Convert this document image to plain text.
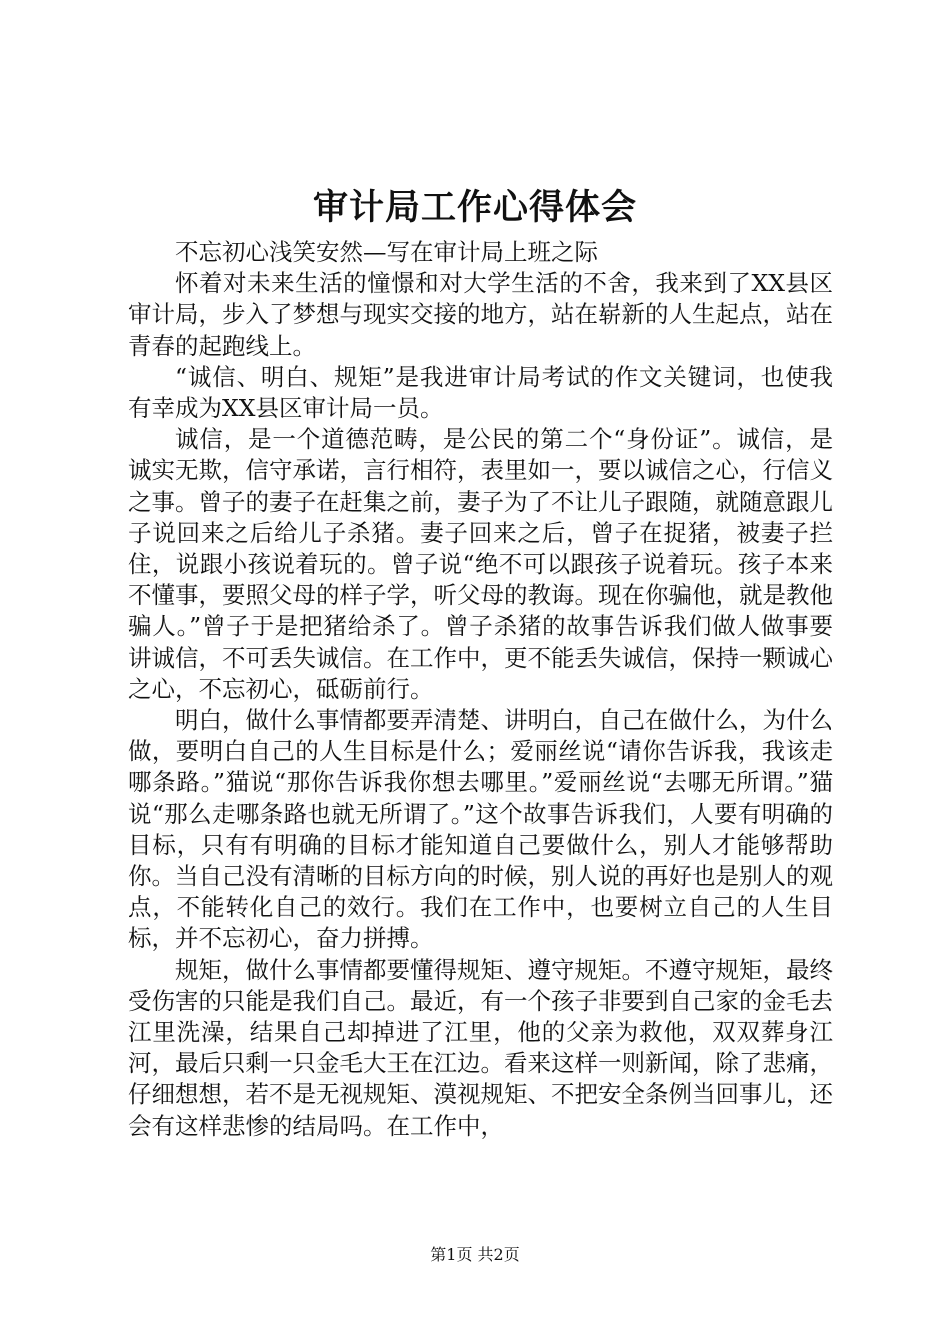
审计局工作心得体会

不忘初心浅笑安然—写在审计局上班之际

怀着对未来生活的憧憬和对大学生活的不舍，我来到了XX县区审计局，步入了梦想与现实交接的地方，站在崭新的人生起点，站在青春的起跑线上。

“诚信、明白、规矩”是我进审计局考试的作文关键词，也使我有幸成为XX县区审计局一员。

诚信，是一个道德范畴，是公民的第二个“身份证”。诚信，是诚实无欺，信守承诺，言行相符，表里如一，要以诚信之心，行信义之事。曾子的妻子在赶集之前，妻子为了不让儿子跟随，就随意跟儿子说回来之后给儿子杀猪。妻子回来之后，曾子在捉猪，被妻子拦住，说跟小孩说着玩的。曾子说“绝不可以跟孩子说着玩。孩子本来不懂事，要照父母的样子学，听父母的教诲。现在你骗他，就是教他骗人。”曾子于是把猪给杀了。曾子杀猪的故事告诉我们做人做事要讲诚信，不可丢失诚信。在工作中，更不能丢失诚信，保持一颗诚心之心，不忘初心，砥砺前行。

明白，做什么事情都要弄清楚、讲明白，自己在做什么，为什么做，要明白自己的人生目标是什么；爱丽丝说“请你告诉我，我该走哪条路。”猫说“那你告诉我你想去哪里。”爱丽丝说“去哪无所谓。”猫说“那么走哪条路也就无所谓了。”这个故事告诉我们，人要有明确的目标，只有有明确的目标才能知道自己要做什么，别人才能够帮助你。当自己没有清晰的目标方向的时候，别人说的再好也是别人的观点，不能转化自己的效行。我们在工作中，也要树立自己的人生目标，并不忘初心，奋力拼搏。

规矩，做什么事情都要懂得规矩、遵守规矩。不遵守规矩，最终受伤害的只能是我们自己。最近，有一个孩子非要到自己家的金毛去江里洗澡，结果自己却掉进了江里，他的父亲为救他，双双葬身江河，最后只剩一只金毛大王在江边。看来这样一则新闻，除了悲痛，仔细想想，若不是无视规矩、漠视规矩、不把安全条例当回事儿，还会有这样悲惨的结局吗。在工作中，

第1页 共2页
